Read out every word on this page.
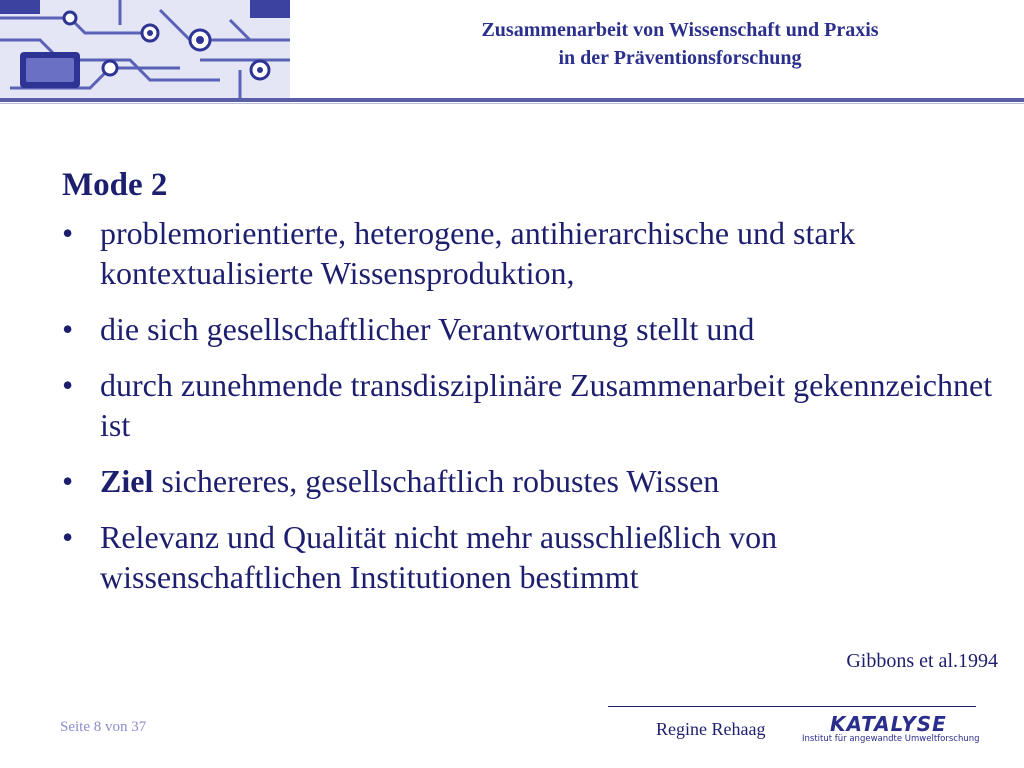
Zusammenarbeit von Wissenschaft und Praxis
in der Präventionsforschung
Mode 2
• problemorientierte, heterogene, antihierarchische und stark kontextualisierte Wissensproduktion,
• die sich gesellschaftlicher Verantwortung stellt und
• durch zunehmende transdisziplinäre Zusammenarbeit gekennzeichnet ist
• Ziel sichereres, gesellschaftlich robustes Wissen
• Relevanz und Qualität nicht mehr ausschließlich von wissenschaftlichen Institutionen bestimmt
Gibbons et al.1994
Seite 8 von 37	Regine Rehaag	KATALYSE
Institut für angewandte Umweltforschung
